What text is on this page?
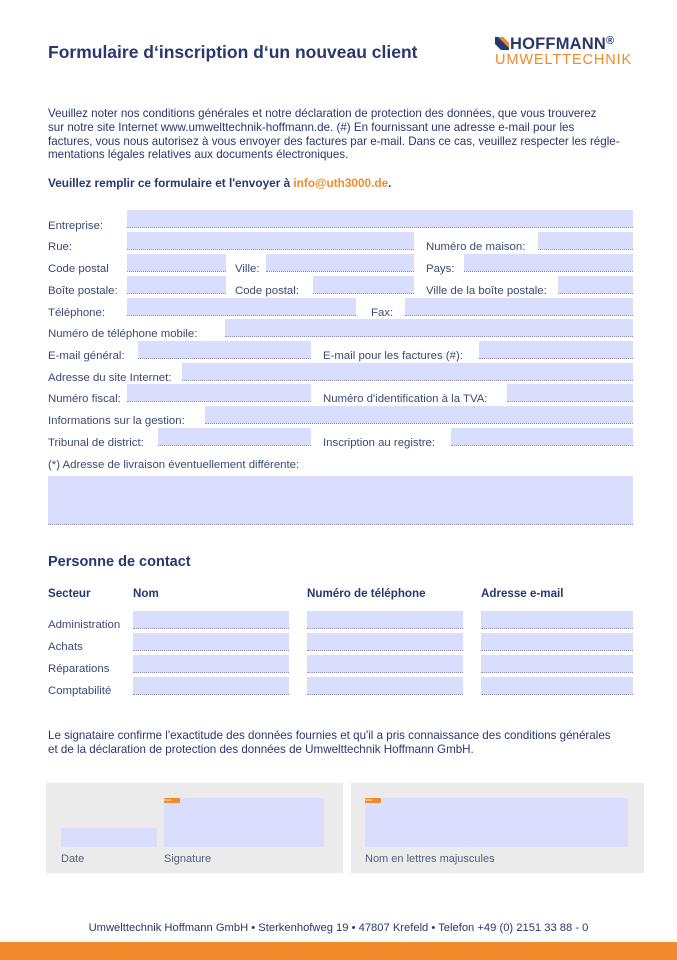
Formulaire d‘inscription d‘un nouveau client	HOFFMANN®
UMWELTTECHNIK
Veuillez noter nos conditions générales et notre déclaration de protection des données, que vous trouverez
sur notre site Internet www.umwelttechnik-hoffmann.de. (#) En fournissant une adresse e-mail pour les
factures, vous nous autorisez à vous envoyer des factures par e-mail. Dans ce cas, veuillez respecter les régle-
mentations légales relatives aux documents électroniques.
Veuillez remplir ce formulaire et l'envoyer à info@uth3000.de.
Entreprise:
Rue:	Numéro de maison:
Code postal	Ville:	Pays:
Boîte postale:	Code postal:	Ville de la boîte postale:
Téléphone:	Fax:
Numéro de téléphone mobile:
E-mail général:	E-mail pour les factures (#):
Adresse du site Internet:
Numéro fiscal:	Numéro d'identification à la TVA:
Informations sur la gestion:
Tribunal de district:	Inscription au registre:
(*) Adresse de livraison éventuellement différente:
Personne de contact
Secteur	Nom	Numéro de téléphone	Adresse e-mail
Administration
Achats
Réparations
Comptabilité
Le signataire confirme l'exactitude des données fournies et qu'il a pris connaissance des conditions générales
et de la déclaration de protection des données de Umwelttechnik Hoffmann GmbH.
SIGN
Date	Signature
SIGN
Nom en lettres majuscules
Umwelttechnik Hoffmann GmbH • Sterkenhofweg 19 • 47807 Krefeld • Telefon +49 (0) 2151 33 88 - 0
